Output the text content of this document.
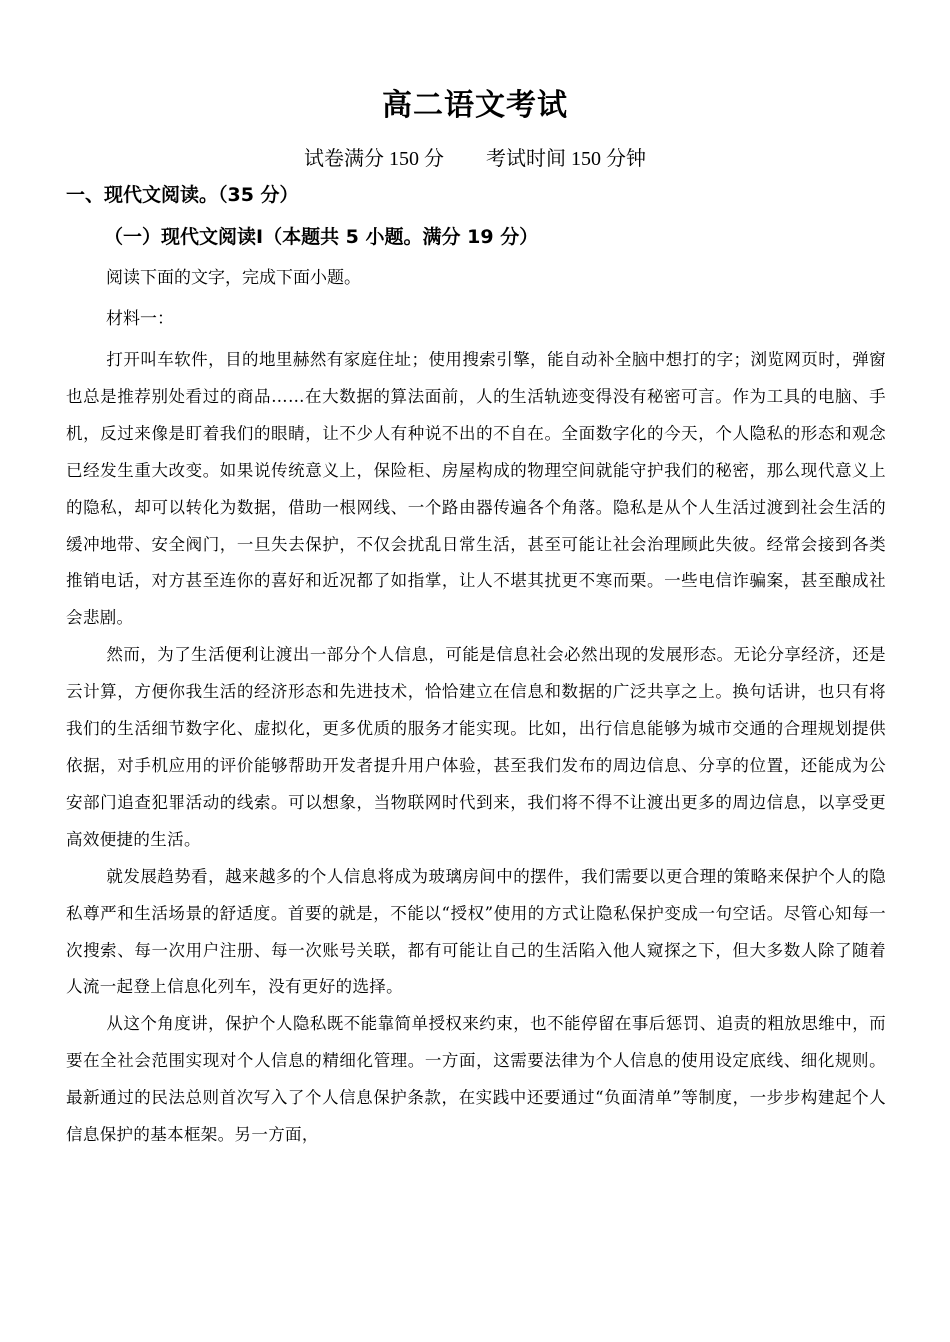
高二语文考试
试卷满分 150 分 考试时间 150 分钟
一、现代文阅读。（35 分）
（一）现代文阅读Ⅰ（本题共 5 小题。满分 19 分）
阅读下面的文字，完成下面小题。
材料一：

打开叫车软件，目的地里赫然有家庭住址；使用搜索引擎，能自动补全脑中想打的字；浏览网页时，弹窗也总是推荐别处看过的商品……在大数据的算法面前，人的生活轨迹变得没有秘密可言。作为工具的电脑、手机，反过来像是盯着我们的眼睛，让不少人有种说不出的不自在。全面数字化的今天，个人隐私的形态和观念已经发生重大改变。如果说传统意义上，保险柜、房屋构成的物理空间就能守护我们的秘密，那么现代意义上的隐私，却可以转化为数据，借助一根网线、一个路由器传遍各个角落。隐私是从个人生活过渡到社会生活的缓冲地带、安全阀门，一旦失去保护，不仅会扰乱日常生活，甚至可能让社会治理顾此失彼。经常会接到各类推销电话，对方甚至连你的喜好和近况都了如指掌，让人不堪其扰更不寒而栗。一些电信诈骗案，甚至酿成社会悲剧。

然而，为了生活便利让渡出一部分个人信息，可能是信息社会必然出现的发展形态。无论分享经济，还是云计算，方便你我生活的经济形态和先进技术，恰恰建立在信息和数据的广泛共享之上。换句话讲，也只有将我们的生活细节数字化、虚拟化，更多优质的服务才能实现。比如，出行信息能够为城市交通的合理规划提供依据，对手机应用的评价能够帮助开发者提升用户体验，甚至我们发布的周边信息、分享的位置，还能成为公安部门追查犯罪活动的线索。可以想象，当物联网时代到来，我们将不得不让渡出更多的周边信息，以享受更高效便捷的生活。

就发展趋势看，越来越多的个人信息将成为玻璃房间中的摆件，我们需要以更合理的策略来保护个人的隐私尊严和生活场景的舒适度。首要的就是，不能以“授权”使用的方式让隐私保护变成一句空话。尽管心知每一次搜索、每一次用户注册、每一次账号关联，都有可能让自己的生活陷入他人窥探之下，但大多数人除了随着人流一起登上信息化列车，没有更好的选择。

从这个角度讲，保护个人隐私既不能靠简单授权来约束，也不能停留在事后惩罚、追责的粗放思维中，而要在全社会范围实现对个人信息的精细化管理。一方面，这需要法律为个人信息的使用设定底线、细化规则。最新通过的民法总则首次写入了个人信息保护条款，在实践中还要通过“负面清单”等制度，一步步构建起个人信息保护的基本框架。另一方面，
